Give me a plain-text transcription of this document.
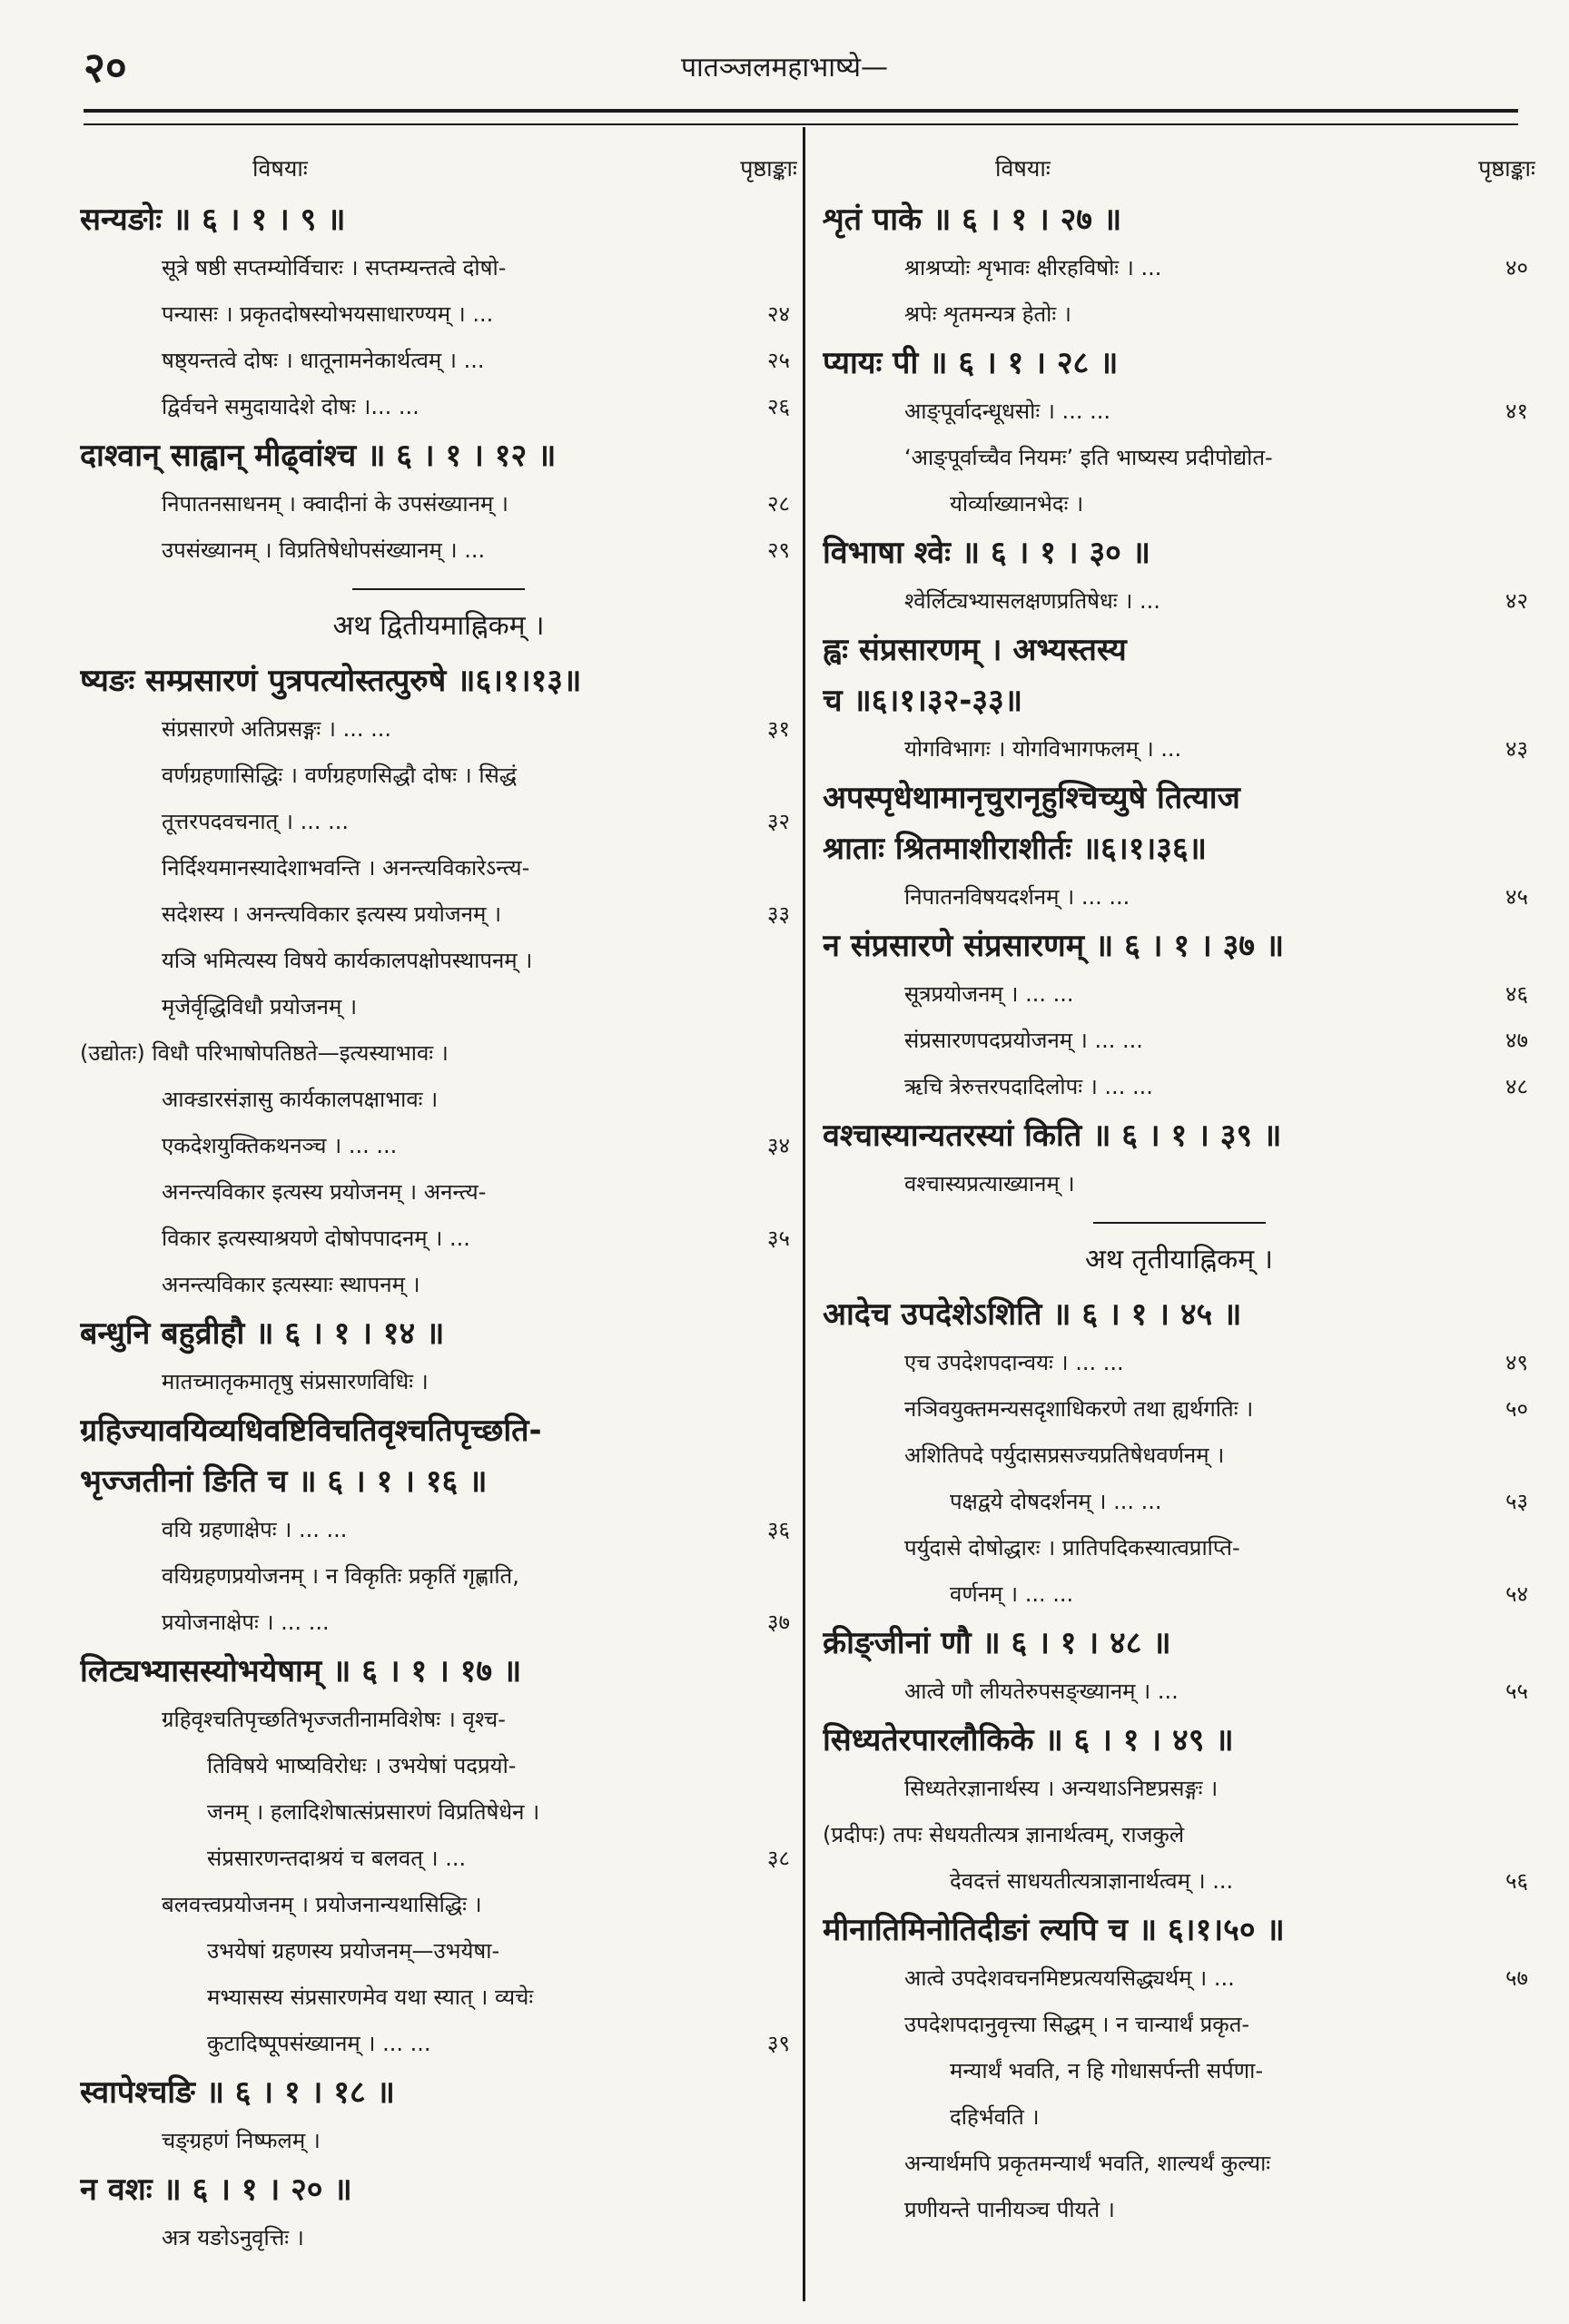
२०	पातञ्जलमहाभाष्ये—
विषयाः	पृष्ठाङ्काः
सन्यङोः ॥ ६ । १ । ९ ॥
सूत्रे षष्ठी सप्तम्योर्विचारः । सप्तम्यन्तत्वे दोषो-
पन्यासः । प्रकृतदोषस्योभयसाधारण्यम् । ...	२४
षष्ठ्यन्तत्वे दोषः । धातूनामनेकार्थत्वम् । ...	२५
द्विर्वचने समुदायादेशे दोषः ।... ...	२६
दाश्वान् साह्वान् मीढ्वांश्च ॥ ६ । १ । १२ ॥
निपातनसाधनम् । क्वादीनां के उपसंख्यानम् ।	२८
उपसंख्यानम् । विप्रतिषेधोपसंख्यानम् । ...	२९
अथ द्वितीयमाह्निकम् ।
ष्यङः सम्प्रसारणं पुत्रपत्योस्तत्पुरुषे ॥६।१।१३॥
संप्रसारणे अतिप्रसङ्गः । ... ...	३१
वर्णग्रहणासिद्धिः । वर्णग्रहणसिद्धौ दोषः । सिद्धं
तूत्तरपदवचनात् । ... ...	३२
निर्दिश्यमानस्यादेशाभवन्ति । अनन्त्यविकारेऽन्त्य-
सदेशस्य । अनन्त्यविकार इत्यस्य प्रयोजनम् ।	३३
यञि भमित्यस्य विषये कार्यकालपक्षोपस्थापनम् ।
मृजेर्वृद्धिविधौ प्रयोजनम् ।
(उद्योतः) विधौ परिभाषोपतिष्ठते—इत्यस्याभावः ।
आक्डारसंज्ञासु कार्यकालपक्षाभावः ।
एकदेशयुक्तिकथनञ्च । ... ...	३४
अनन्त्यविकार इत्यस्य प्रयोजनम् । अनन्त्य-
विकार इत्यस्याश्रयणे दोषोपपादनम् । ...	३५
अनन्त्यविकार इत्यस्याः स्थापनम् ।
बन्धुनि बहुव्रीहौ ॥ ६ । १ । १४ ॥
मातच्मातृकमातृषु संप्रसारणविधिः ।
ग्रहिज्यावयिव्यधिवष्टिविचतिवृश्चतिपृच्छति-
भृज्जतीनां ङिति च ॥ ६ । १ । १६ ॥
वयि ग्रहणाक्षेपः । ... ...	३६
वयिग्रहणप्रयोजनम् । न विकृतिः प्रकृतिं गृह्णाति,
प्रयोजनाक्षेपः । ... ...	३७
लिट्यभ्यासस्योभयेषाम् ॥ ६ । १ । १७ ॥
ग्रहिवृश्चतिपृच्छतिभृज्जतीनामविशेषः । वृश्च-
तिविषये भाष्यविरोधः । उभयेषां पदप्रयो-
जनम् । हलादिशेषात्संप्रसारणं विप्रतिषेधेन ।
संप्रसारणन्तदाश्रयं च बलवत् । ...	३८
बलवत्त्वप्रयोजनम् । प्रयोजनान्यथासिद्धिः ।
उभयेषां ग्रहणस्य प्रयोजनम्—उभयेषा-
मभ्यासस्य संप्रसारणमेव यथा स्यात् । व्यचेः
कुटादिष्पूपसंख्यानम् । ... ...	३९
स्वापेश्चङि ॥ ६ । १ । १८ ॥
चङ्ग्रहणं निष्फलम् ।
न वशः ॥ ६ । १ । २० ॥
अत्र यङोऽनुवृत्तिः ।
विषयाः	पृष्ठाङ्काः
शृतं पाके ॥ ६ । १ । २७ ॥
श्राश्रप्योः शृभावः क्षीरहविषोः । ...	४०
श्रपेः शृतमन्यत्र हेतोः ।
प्यायः पी ॥ ६ । १ । २८ ॥
आङ्पूर्वादन्धूधसोः । ... ...	४१
‘आङ्पूर्वाच्चैव नियमः’ इति भाष्यस्य प्रदीपोद्योत-
योर्व्याख्यानभेदः ।
विभाषा श्वेः ॥ ६ । १ । ३० ॥
श्वेर्लिट्यभ्यासलक्षणप्रतिषेधः । ...	४२
ह्वः संप्रसारणम् । अभ्यस्तस्य
च ॥६।१।३२-३३॥
योगविभागः । योगविभागफलम् । ...	४३
अपस्पृधेथामानृचुरानृहुश्चिच्युषे तित्याज
श्राताः श्रितमाशीराशीर्तः ॥६।१।३६॥
निपातनविषयदर्शनम् । ... ...	४५
न संप्रसारणे संप्रसारणम् ॥ ६ । १ । ३७ ॥
सूत्रप्रयोजनम् । ... ...	४६
संप्रसारणपदप्रयोजनम् । ... ...	४७
ऋचि त्रेरुत्तरपदादिलोपः । ... ...	४८
वश्चास्यान्यतरस्यां किति ॥ ६ । १ । ३९ ॥
वश्चास्यप्रत्याख्यानम् ।
अथ तृतीयाह्निकम् ।
आदेच उपदेशेऽशिति ॥ ६ । १ । ४५ ॥
एच उपदेशपदान्वयः । ... ...	४९
नञिवयुक्तमन्यसदृशाधिकरणे तथा ह्यर्थगतिः ।	५०
अशितिपदे पर्युदासप्रसज्यप्रतिषेधवर्णनम् ।
पक्षद्वये दोषदर्शनम् । ... ...	५३
पर्युदासे दोषोद्धारः । प्रातिपदिकस्यात्वप्राप्ति-
वर्णनम् । ... ...	५४
क्रीङ्जीनां णौ ॥ ६ । १ । ४८ ॥
आत्वे णौ लीयतेरुपसङ्ख्यानम् । ...	५५
सिध्यतेरपारलौकिके ॥ ६ । १ । ४९ ॥
सिध्यतेरज्ञानार्थस्य । अन्यथाऽनिष्टप्रसङ्गः ।
(प्रदीपः) तपः सेधयतीत्यत्र ज्ञानार्थत्वम्, राजकुले
देवदत्तं साधयतीत्यत्राज्ञानार्थत्वम् । ...	५६
मीनातिमिनोतिदीङां ल्यपि च ॥ ६।१।५० ॥
आत्वे उपदेशवचनमिष्टप्रत्ययसिद्ध्यर्थम् । ...	५७
उपदेशपदानुवृत्त्या सिद्धम् । न चान्यार्थं प्रकृत-
मन्यार्थं भवति, न हि गोधासर्पन्ती सर्पणा-
दहिर्भवति ।
अन्यार्थमपि प्रकृतमन्यार्थं भवति, शाल्यर्थं कुल्याः
प्रणीयन्ते पानीयञ्च पीयते ।
